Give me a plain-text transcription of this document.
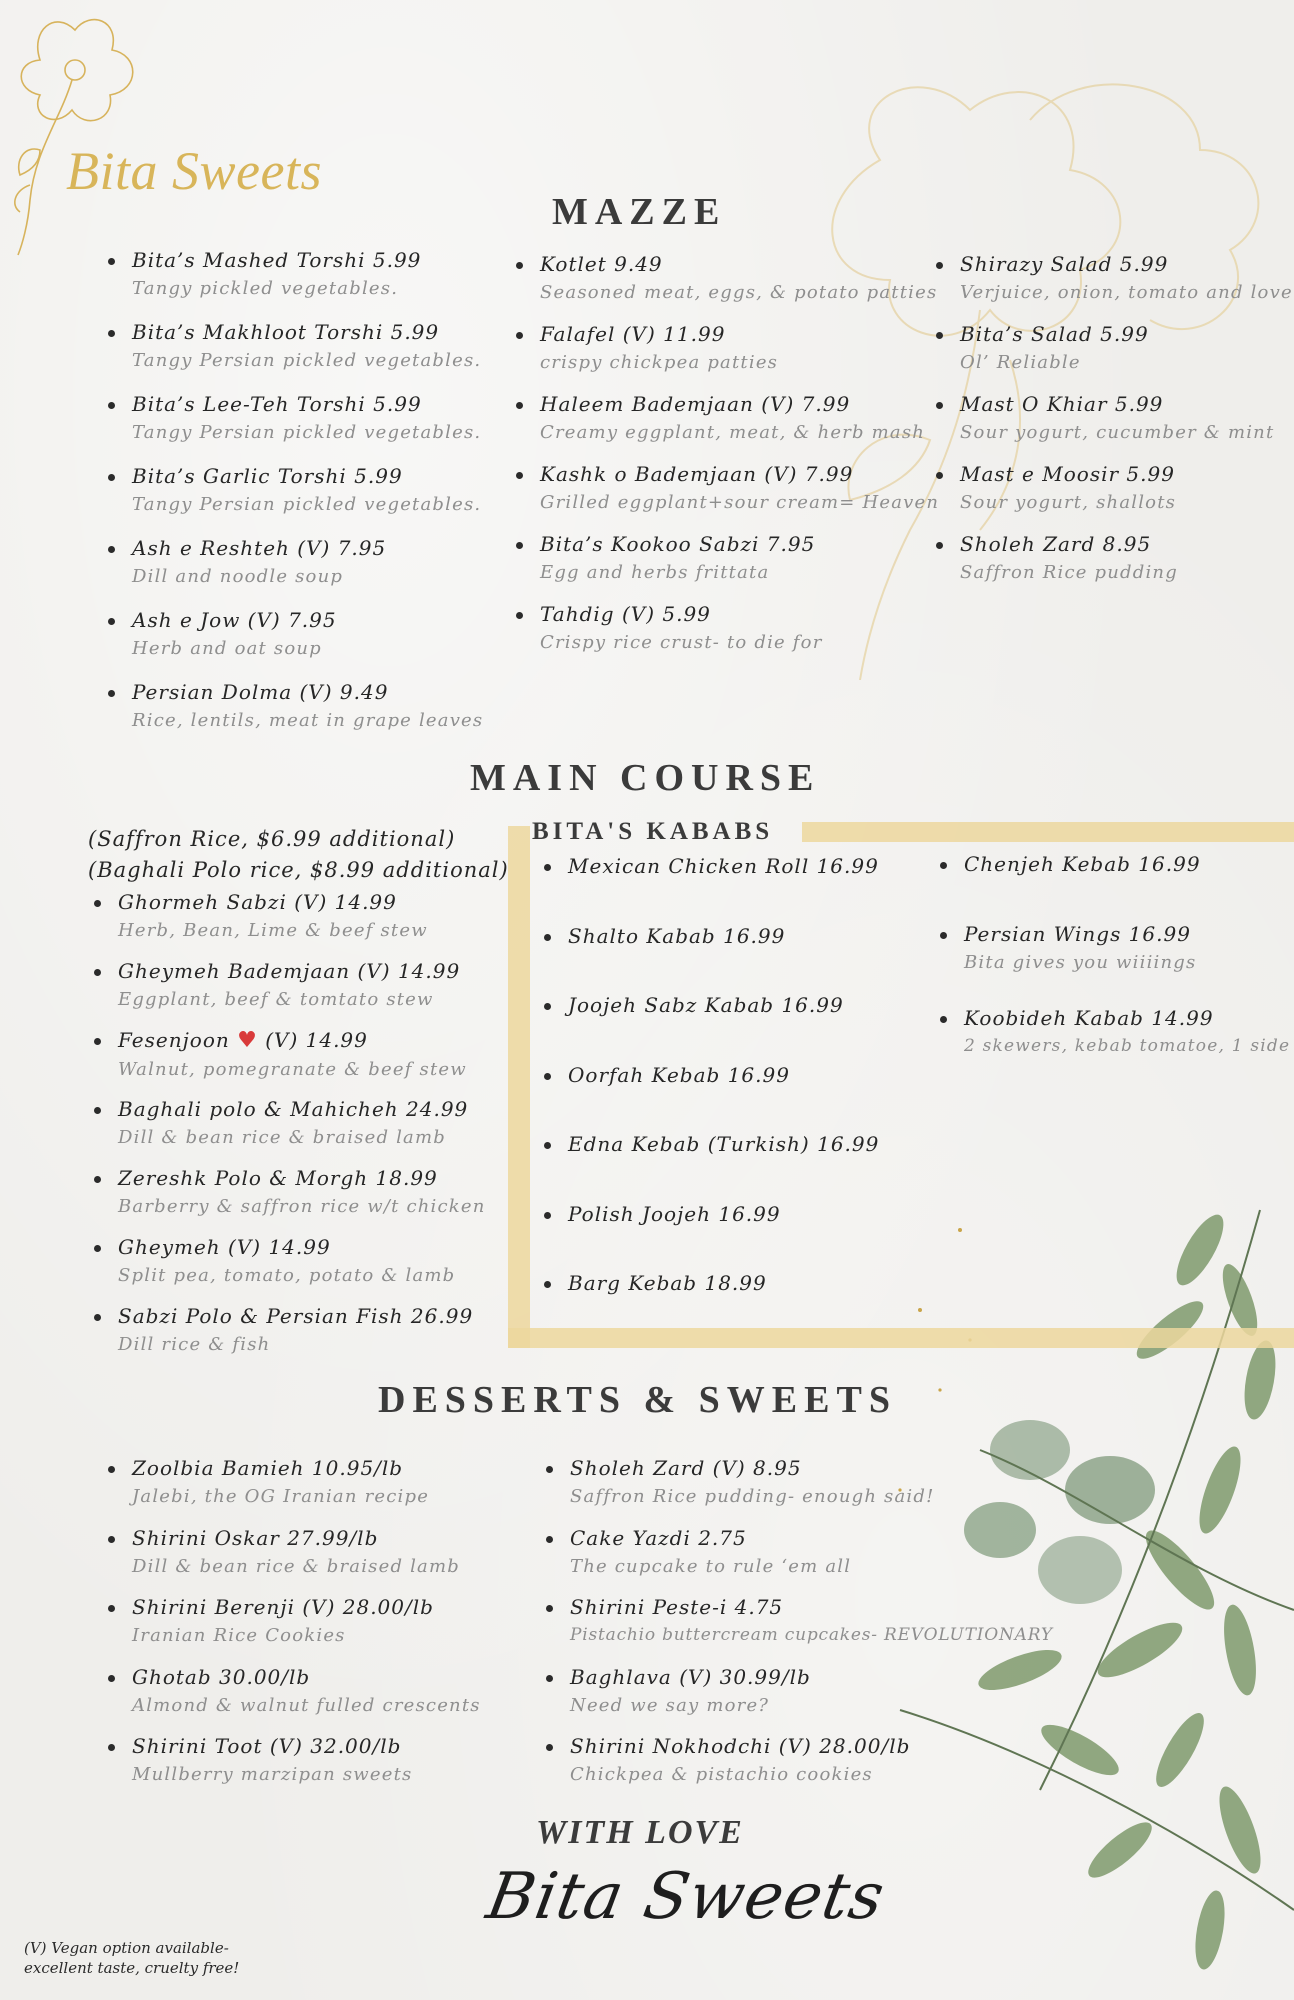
Bita Sweets
MAZZE
Bita’s Mashed Torshi 5.99
Tangy pickled vegetables.
Bita’s Makhloot Torshi 5.99
Tangy Persian pickled vegetables.
Bita’s Lee-Teh Torshi 5.99
Tangy Persian pickled vegetables.
Bita’s Garlic Torshi 5.99
Tangy Persian pickled vegetables.
Ash e Reshteh (V) 7.95
Dill and noodle soup
Ash e Jow (V) 7.95
Herb and oat soup
Persian Dolma (V) 9.49
Rice, lentils, meat in grape leaves
Kotlet 9.49
Seasoned meat, eggs, & potato patties
Falafel (V) 11.99
crispy chickpea patties
Haleem Bademjaan (V) 7.99
Creamy eggplant, meat, & herb mash
Kashk o Bademjaan (V) 7.99
Grilled eggplant+sour cream= Heaven
Bita’s Kookoo Sabzi 7.95
Egg and herbs frittata
Tahdig (V) 5.99
Crispy rice crust- to die for
Shirazy Salad 5.99
Verjuice, onion, tomato and love
Bita’s Salad 5.99
Ol’ Reliable
Mast O Khiar 5.99
Sour yogurt, cucumber & mint
Mast e Moosir 5.99
Sour yogurt, shallots
Sholeh Zard 8.95
Saffron Rice pudding
MAIN COURSE
BITA'S KABABS
(Saffron Rice, $6.99 additional)
(Baghali Polo rice, $8.99 additional)
Ghormeh Sabzi (V) 14.99
Herb, Bean, Lime & beef stew
Gheymeh Bademjaan (V) 14.99
Eggplant, beef & tomtato stew
Fesenjoon ♥ (V) 14.99
Walnut, pomegranate & beef stew
Baghali polo & Mahicheh 24.99
Dill & bean rice & braised lamb
Zereshk Polo & Morgh 18.99
Barberry & saffron rice w/t chicken
Gheymeh (V) 14.99
Split pea, tomato, potato & lamb
Sabzi Polo & Persian Fish 26.99
Dill rice & fish
Mexican Chicken Roll 16.99
Shalto Kabab 16.99
Joojeh Sabz Kabab 16.99
Oorfah Kebab 16.99
Edna Kebab (Turkish) 16.99
Polish Joojeh 16.99
Barg Kebab 18.99
Chenjeh Kebab 16.99
Persian Wings 16.99
Bita gives you wiiiings
Koobideh Kabab 14.99
2 skewers, kebab tomatoe, 1 side
DESSERTS & SWEETS
Zoolbia Bamieh 10.95/lb
Jalebi, the OG Iranian recipe
Shirini Oskar 27.99/lb
Dill & bean rice & braised lamb
Shirini Berenji (V) 28.00/lb
Iranian Rice Cookies
Ghotab 30.00/lb
Almond & walnut fulled crescents
Shirini Toot (V) 32.00/lb
Mullberry marzipan sweets
Sholeh Zard (V) 8.95
Saffron Rice pudding- enough said!
Cake Yazdi 2.75
The cupcake to rule ‘em all
Shirini Peste-i 4.75
Pistachio buttercream cupcakes- REVOLUTIONARY
Baghlava (V) 30.99/lb
Need we say more?
Shirini Nokhodchi (V) 28.00/lb
Chickpea & pistachio cookies
WITH LOVE
Bita Sweets
(V) Vegan option available-
excellent taste, cruelty free!
